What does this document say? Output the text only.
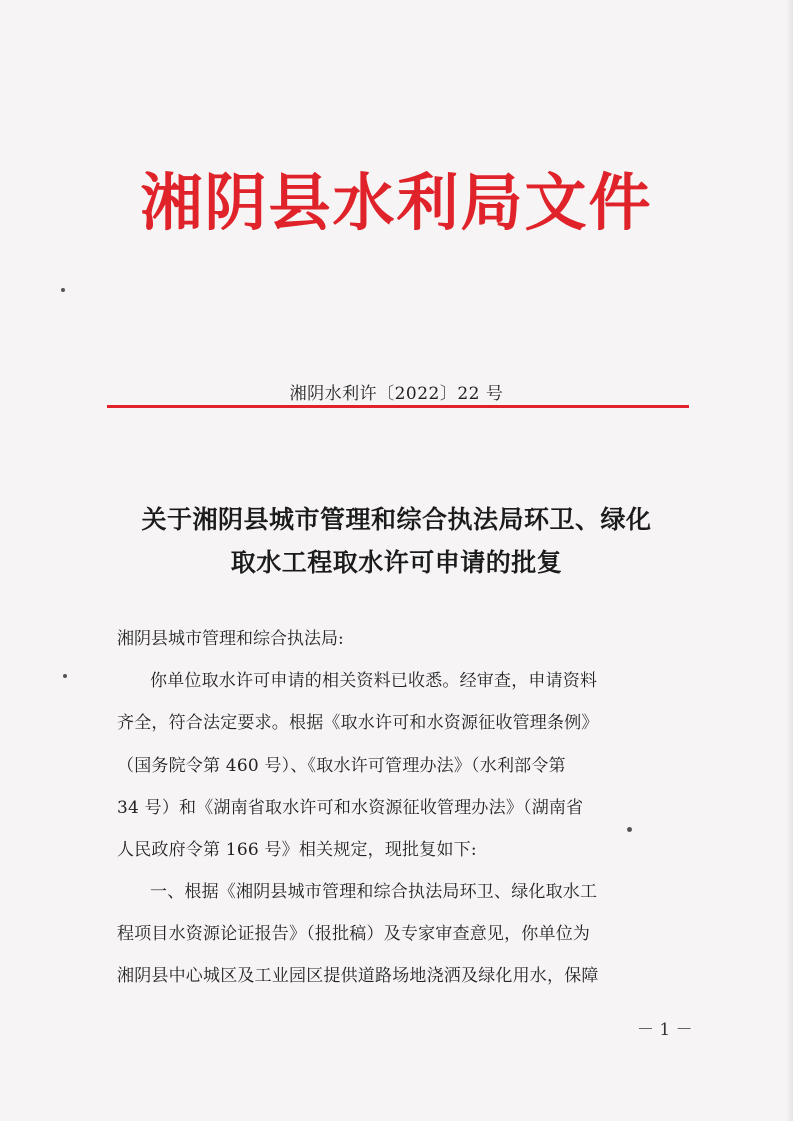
湘阴县水利局文件
湘阴水利许〔2022〕22 号
关于湘阴县城市管理和综合执法局环卫、绿化
取水工程取水许可申请的批复
湘阴县城市管理和综合执法局:
你单位取水许可申请的相关资料已收悉。经审查，申请资料
齐全，符合法定要求。根据《取水许可和水资源征收管理条例》
（国务院令第 460 号）、《取水许可管理办法》（水利部令第
34 号）和《湖南省取水许可和水资源征收管理办法》（湖南省
人民政府令第 166 号》相关规定，现批复如下:
一、根据《湘阴县城市管理和综合执法局环卫、绿化取水工
程项目水资源论证报告》（报批稿）及专家审查意见，你单位为
湘阴县中心城区及工业园区提供道路场地浇洒及绿化用水，保障
－ 1 －
